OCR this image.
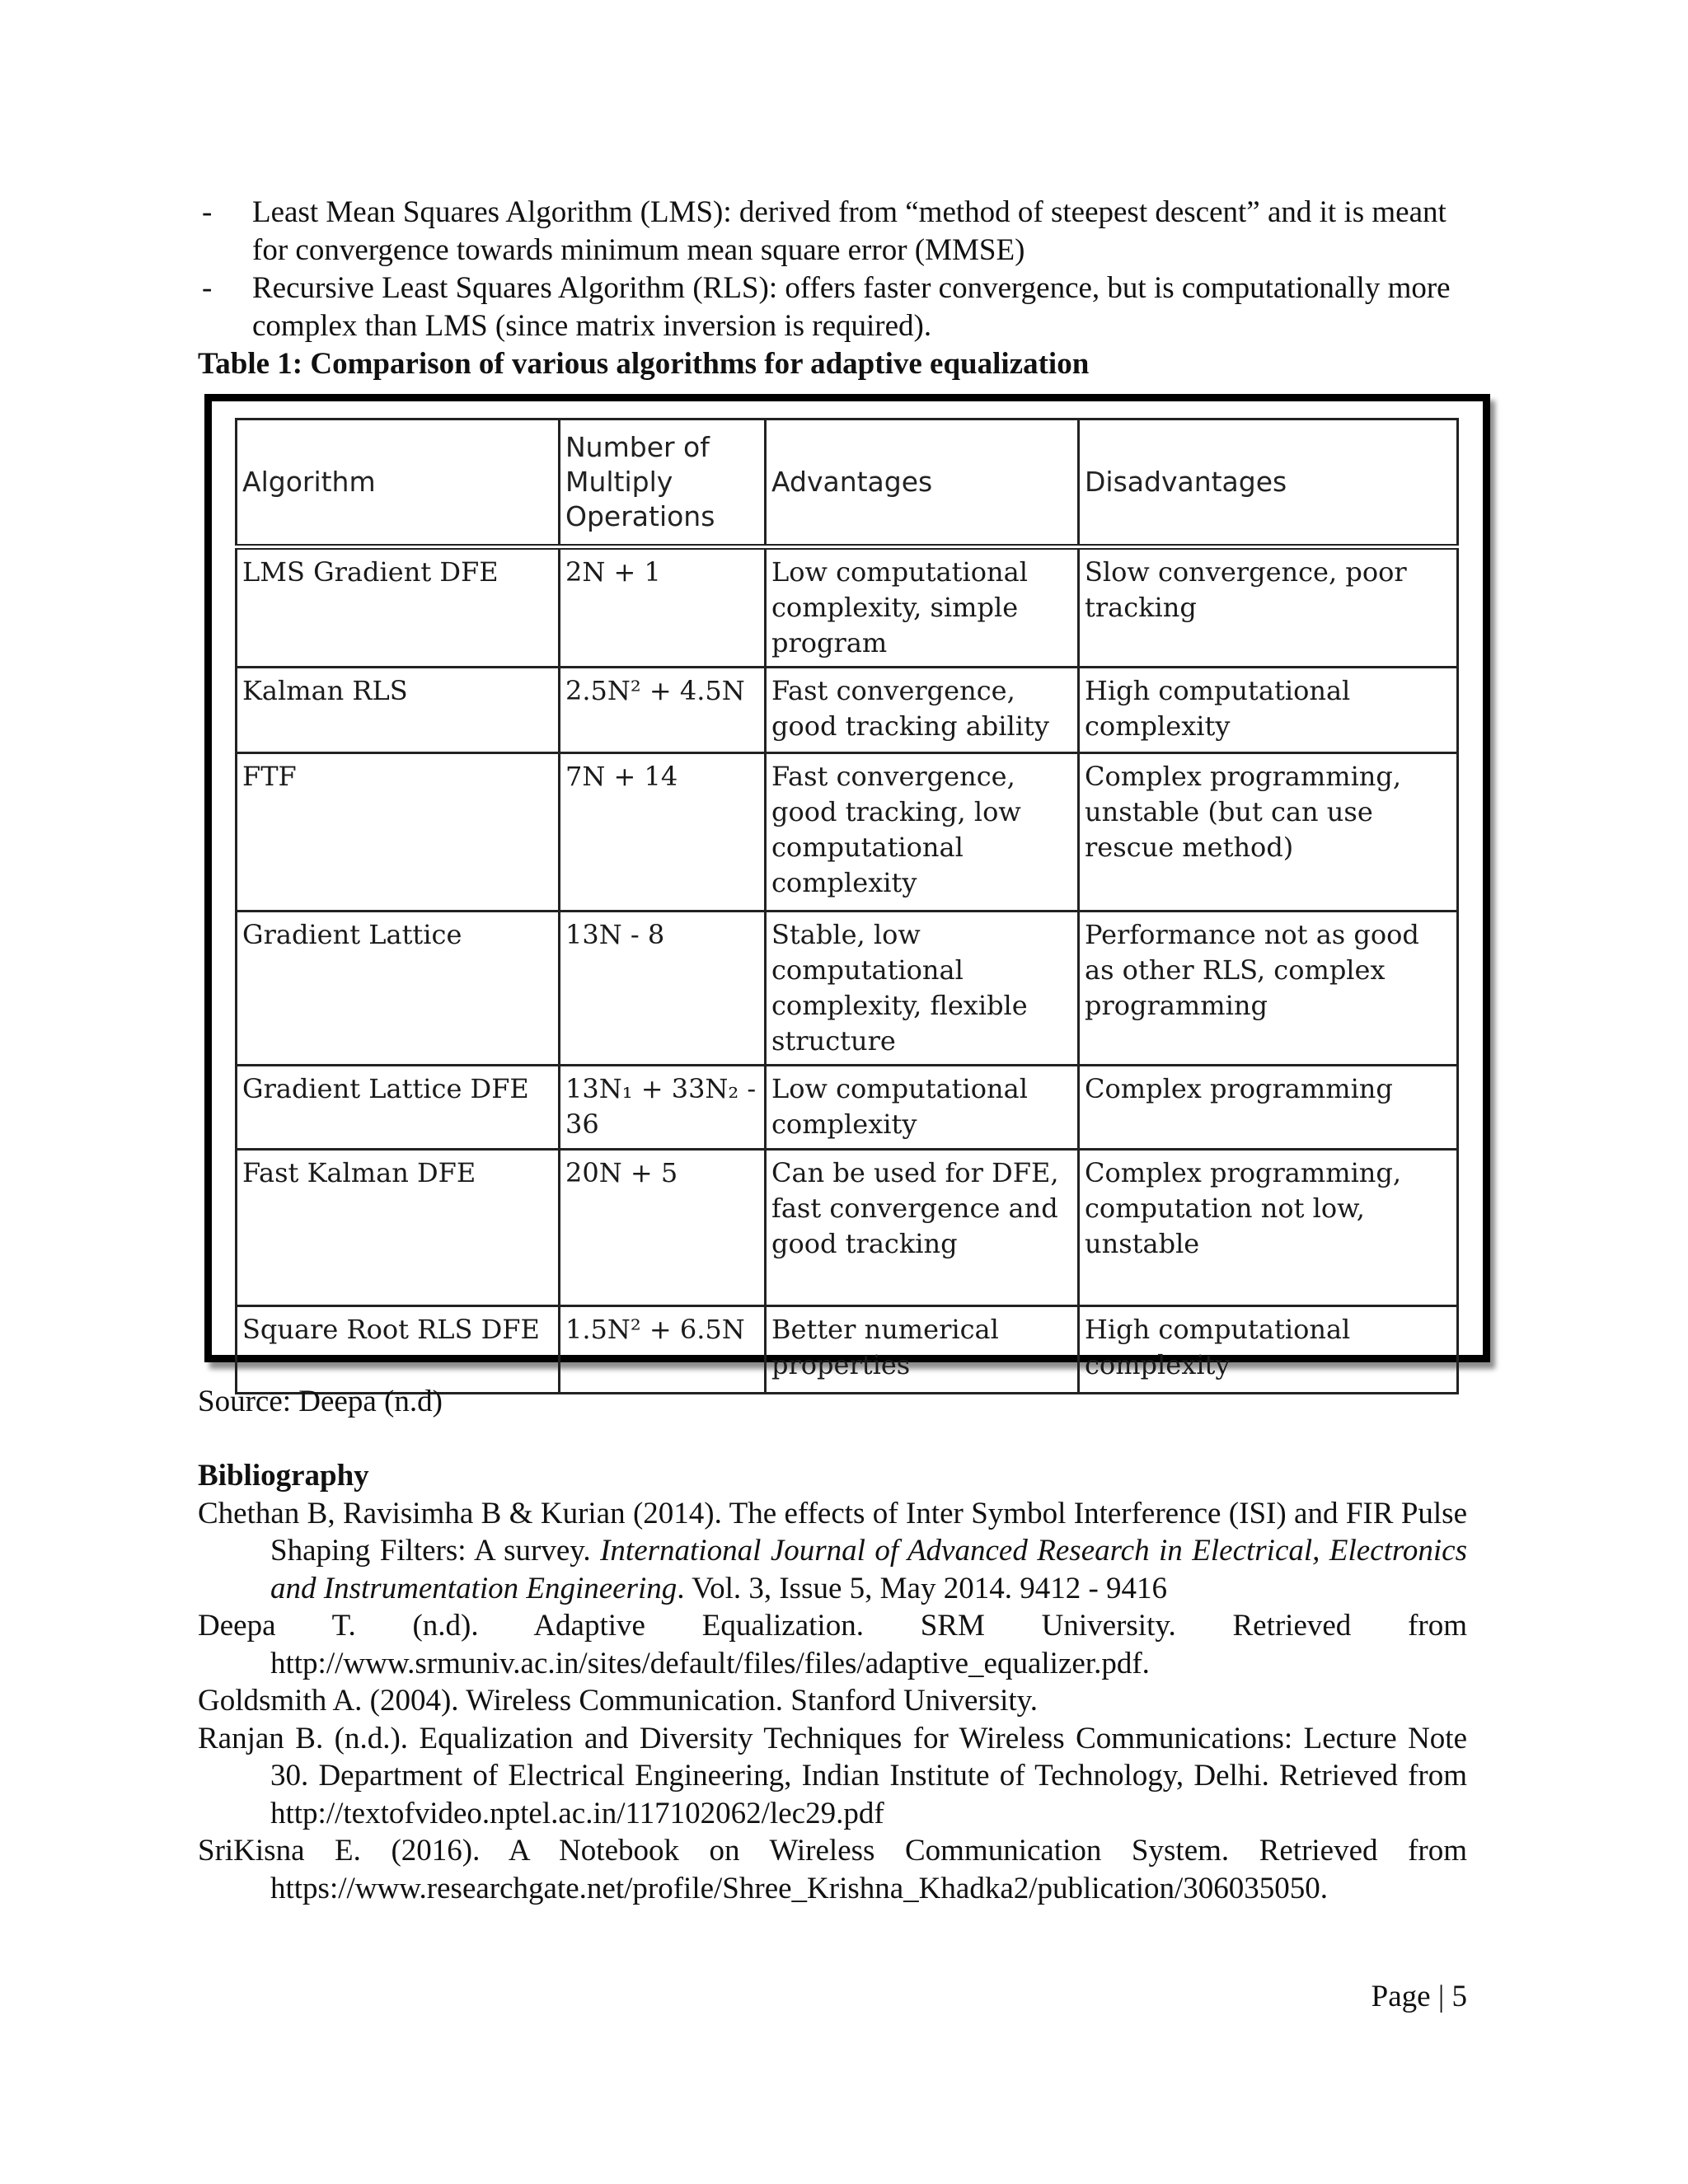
- Least Mean Squares Algorithm (LMS): derived from “method of steepest descent” and it is meant for convergence towards minimum mean square error (MMSE)
- Recursive Least Squares Algorithm (RLS): offers faster convergence, but is computationally more complex than LMS (since matrix inversion is required).
Table 1: Comparison of various algorithms for adaptive equalization
Algorithm	Number of Multiply Operations	Advantages	Disadvantages
LMS Gradient DFE	2N + 1	Low computational complexity, simple program	Slow convergence, poor tracking
Kalman RLS	2.5N² + 4.5N	Fast convergence, good tracking ability	High computational complexity
FTF	7N + 14	Fast convergence, good tracking, low computational complexity	Complex programming, unstable (but can use rescue method)
Gradient Lattice	13N - 8	Stable, low computational complexity, flexible structure	Performance not as good as other RLS, complex programming
Gradient Lattice DFE	13N₁ + 33N₂ - 36	Low computational complexity	Complex programming
Fast Kalman DFE	20N + 5	Can be used for DFE, fast convergence and good tracking	Complex programming, computation not low, unstable
Square Root RLS DFE	1.5N² + 6.5N	Better numerical properties	High computational complexity
Source: Deepa (n.d)
Bibliography

Chethan B, Ravisimha B & Kurian (2014). The effects of Inter Symbol Interference (ISI) and FIR Pulse Shaping Filters: A survey. International Journal of Advanced Research in Electrical, Electronics and Instrumentation Engineering. Vol. 3, Issue 5, May 2014. 9412 - 9416

Deepa T. (n.d). Adaptive Equalization. SRM University. Retrieved from http://www.srmuniv.ac.in/sites/default/files/files/adaptive_equalizer.pdf.

Goldsmith A. (2004). Wireless Communication. Stanford University.

Ranjan B. (n.d.). Equalization and Diversity Techniques for Wireless Communications: Lecture Note 30. Department of Electrical Engineering, Indian Institute of Technology, Delhi. Retrieved from http://textofvideo.nptel.ac.in/117102062/lec29.pdf

SriKisna E. (2016). A Notebook on Wireless Communication System. Retrieved from https://www.researchgate.net/profile/Shree_Krishna_Khadka2/publication/306035050.

Page | 5
